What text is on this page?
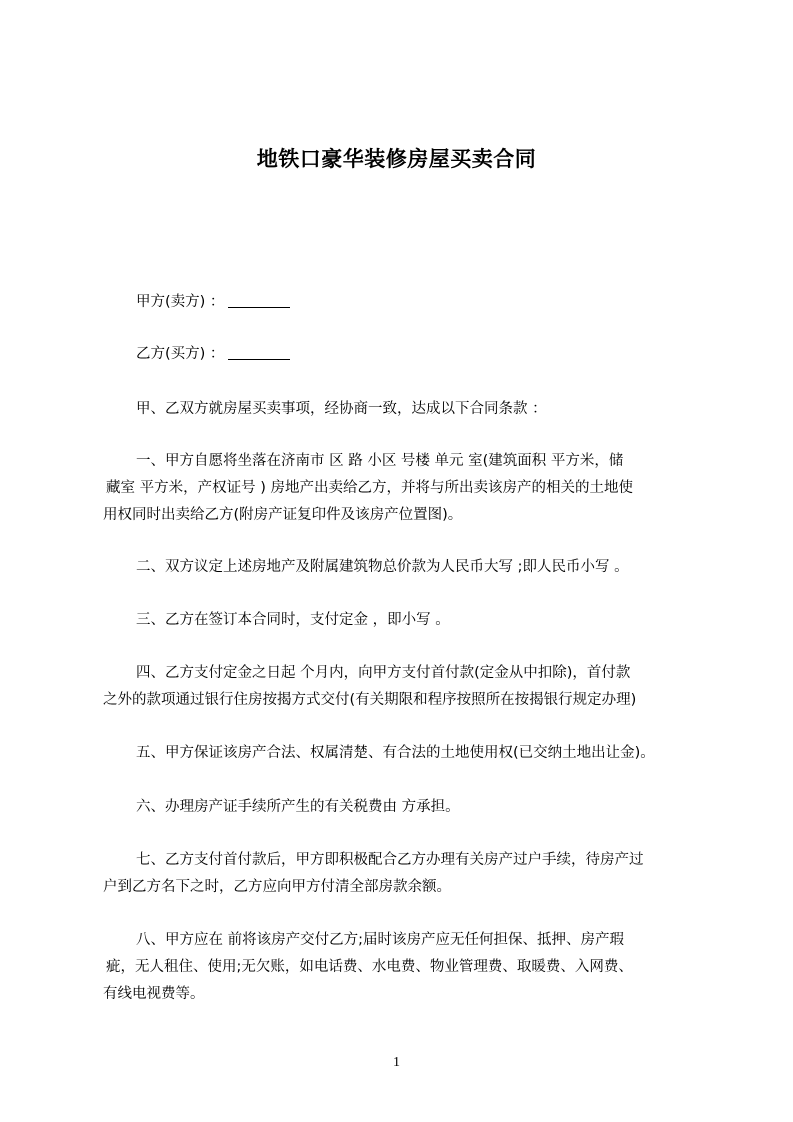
地铁口豪华装修房屋买卖合同
甲方(卖方) ：
乙方(买方) ：
甲、乙双方就房屋买卖事项，经协商一致，达成以下合同条款 ：
一、甲方自愿将坐落在济南市 区 路 小区 号楼 单元 室(建筑面积 平方米，储
藏室 平方米，产权证号 ) 房地产出卖给乙方，并将与所出卖该房产的相关的土地使
用权同时出卖给乙方(附房产证复印件及该房产位置图)。
二、双方议定上述房地产及附属建筑物总价款为人民币大写 ;即人民币小写 。
三、乙方在签订本合同时，支付定金 ，即小写 。
四、乙方支付定金之日起 个月内，向甲方支付首付款(定金从中扣除)，首付款
之外的款项通过银行住房按揭方式交付(有关期限和程序按照所在按揭银行规定办理)
五、甲方保证该房产合法、权属清楚、有合法的土地使用权(已交纳土地出让金)。
六、办理房产证手续所产生的有关税费由 方承担。
七、乙方支付首付款后，甲方即积极配合乙方办理有关房产过户手续，待房产过
户到乙方名下之时，乙方应向甲方付清全部房款余额。
八、甲方应在 前将该房产交付乙方;届时该房产应无任何担保、抵押、房产瑕
疵，无人租住、使用;无欠账，如电话费、水电费、物业管理费、取暖费、入网费、
有线电视费等。
1
